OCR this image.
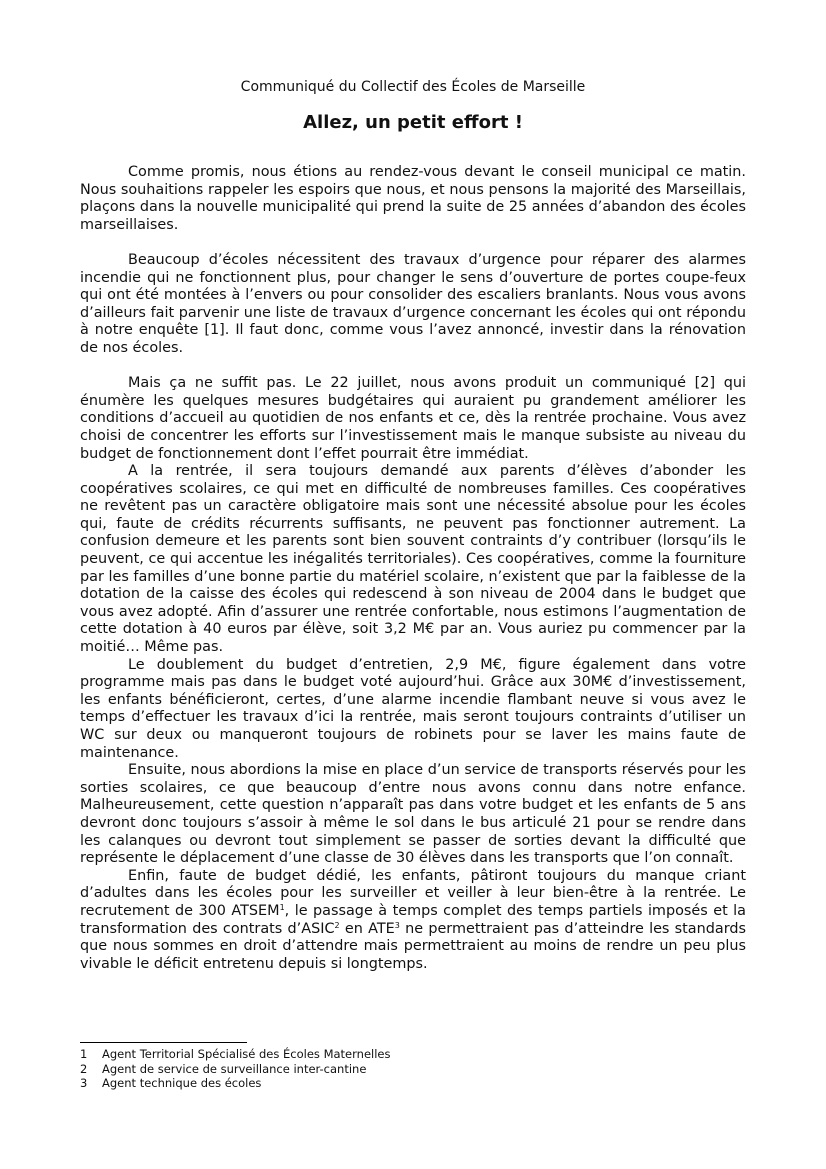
Communiqué du Collectif des Écoles de Marseille
Allez, un petit effort !

Comme promis, nous étions au rendez-vous devant le conseil municipal ce matin. Nous souhaitions rappeler les espoirs que nous, et nous pensons la majorité des Marseillais, plaçons dans la nouvelle municipalité qui prend la suite de 25 années d’abandon des écoles marseillaises.

Beaucoup d’écoles nécessitent des travaux d’urgence pour réparer des alarmes incendie qui ne fonctionnent plus, pour changer le sens d’ouverture de portes coupe-feux qui ont été montées à l’envers ou pour consolider des escaliers branlants. Nous vous avons d’ailleurs fait parvenir une liste de travaux d’urgence concernant les écoles qui ont répondu à notre enquête [1]. Il faut donc, comme vous l’avez annoncé, investir dans la rénovation de nos écoles.

Mais ça ne suffit pas. Le 22 juillet, nous avons produit un communiqué [2] qui énumère les quelques mesures budgétaires qui auraient pu grandement améliorer les conditions d’accueil au quotidien de nos enfants et ce, dès la rentrée prochaine. Vous avez choisi de concentrer les efforts sur l’investissement mais le manque subsiste au niveau du budget de fonctionnement dont l’effet pourrait être immédiat.

A la rentrée, il sera toujours demandé aux parents d’élèves d’abonder les coopératives scolaires, ce qui met en difficulté de nombreuses familles. Ces coopératives ne revêtent pas un caractère obligatoire mais sont une nécessité absolue pour les écoles qui, faute de crédits récurrents suffisants, ne peuvent pas fonctionner autrement. La confusion demeure et les parents sont bien souvent contraints d’y contribuer (lorsqu’ils le peuvent, ce qui accentue les inégalités territoriales). Ces coopératives, comme la fourniture par les familles d’une bonne partie du matériel scolaire, n’existent que par la faiblesse de la dotation de la caisse des écoles qui redescend à son niveau de 2004 dans le budget que vous avez adopté. Afin d’assurer une rentrée confortable, nous estimons l’augmentation de cette dotation à 40 euros par élève, soit 3,2 M€ par an. Vous auriez pu commencer par la moitié… Même pas.

Le doublement du budget d’entretien, 2,9 M€, figure également dans votre programme mais pas dans le budget voté aujourd’hui. Grâce aux 30M€ d’investissement, les enfants bénéficieront, certes, d’une alarme incendie flambant neuve si vous avez le temps d’effectuer les travaux d’ici la rentrée, mais seront toujours contraints d’utiliser un WC sur deux ou manqueront toujours de robinets pour se laver les mains faute de maintenance.

Ensuite, nous abordions la mise en place d’un service de transports réservés pour les sorties scolaires, ce que beaucoup d’entre nous avons connu dans notre enfance. Malheureusement, cette question n’apparaît pas dans votre budget et les enfants de 5 ans devront donc toujours s’assoir à même le sol dans le bus articulé 21 pour se rendre dans les calanques ou devront tout simplement se passer de sorties devant la difficulté que représente le déplacement d’une classe de 30 élèves dans les transports que l’on connaît.

Enfin, faute de budget dédié, les enfants, pâtiront toujours du manque criant d’adultes dans les écoles pour les surveiller et veiller à leur bien-être à la rentrée. Le recrutement de 300 ATSEM$^1$, le passage à temps complet des temps partiels imposés et la transformation des contrats d’ASIC$^2$ en ATE$^3$ ne permettraient pas d’atteindre les standards que nous sommes en droit d’attendre mais permettraient au moins de rendre un peu plus vivable le déficit entretenu depuis si longtemps.

1	Agent Territorial Spécialisé des Écoles Maternelles
2	Agent de service de surveillance inter-cantine
3	Agent technique des écoles
